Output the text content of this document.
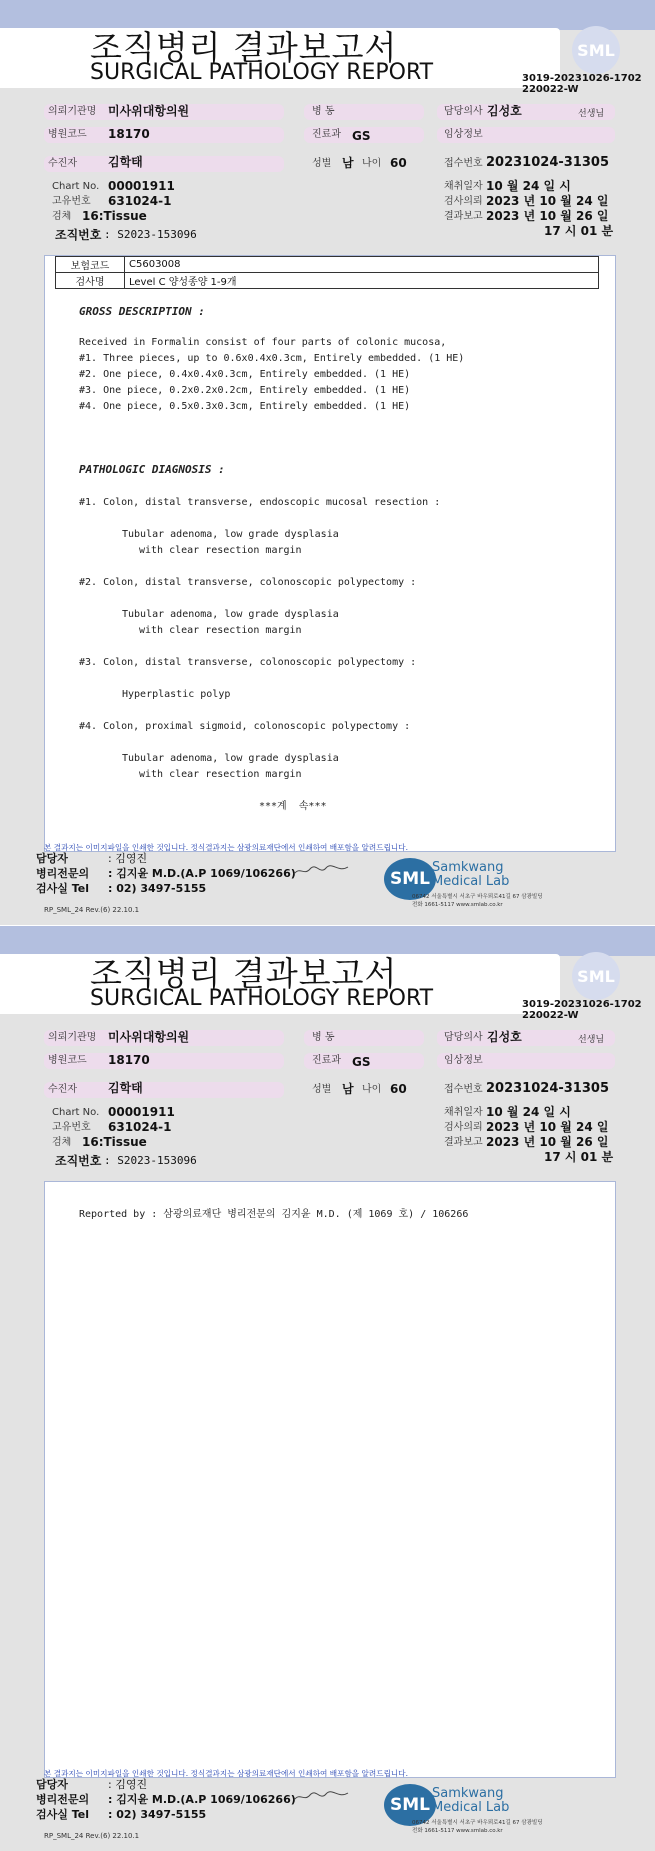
조직병리 결과보고서
SURGICAL PATHOLOGY REPORT
SML
3019-20231026-1702
220022-W
의뢰기관명 미사위대항의원	병 동	담당의사 김성호	선생님
병원코드 18170	진료과 GS	임상정보
수진자	김학태	성별 남 나이 60	접수번호 20231024-31305
Chart No. 00001911
고유번호 631024-1
검체 16:Tissue
조직번호 : S2023-153096
채취일자 10 월 24 일 시
검사의뢰 2023 년 10 월 24 일
결과보고 2023 년 10 월 26 일
17 시 01 분
보험코드	C5603008
검사명	Level C 양성종양 1-9개
GROSS DESCRIPTION :
Received in Formalin consist of four parts of colonic mucosa,
#1. Three pieces, up to 0.6x0.4x0.3cm, Entirely embedded. (1 HE)
#2. One piece, 0.4x0.4x0.3cm, Entirely embedded. (1 HE)
#3. One piece, 0.2x0.2x0.2cm, Entirely embedded. (1 HE)
#4. One piece, 0.5x0.3x0.3cm, Entirely embedded. (1 HE)
PATHOLOGIC DIAGNOSIS :
#1. Colon, distal transverse, endoscopic mucosal resection :
Tubular adenoma, low grade dysplasia
with clear resection margin
#2. Colon, distal transverse, colonoscopic polypectomy :
Tubular adenoma, low grade dysplasia
with clear resection margin
#3. Colon, distal transverse, colonoscopic polypectomy :
Hyperplastic polyp
#4. Colon, proximal sigmoid, colonoscopic polypectomy :
Tubular adenoma, low grade dysplasia
with clear resection margin
***계  속***
본 결과지는 이미지파일을 인쇄한 것입니다. 정식결과지는 삼광의료재단에서 인쇄하여 배포함을 알려드립니다.
담당자	: 김영진
병리전문의 : 김지윤 M.D.(A.P 1069/106266)
검사실 Tel : 02) 3497-5155	SML
Samkwang
Medical Lab
06742 서울특별시 서초구 바우뫼로41길 67 삼광빌딩
전화 1661-5117 www.smlab.co.kr
RP_SML_24 Rev.(6) 22.10.1
조직병리 결과보고서
SURGICAL PATHOLOGY REPORT
SML
3019-20231026-1702
220022-W
의뢰기관명 미사위대항의원	병 동	담당의사 김성호	선생님
병원코드 18170	진료과 GS	임상정보
수진자	김학태	성별 남 나이 60	접수번호 20231024-31305
Chart No. 00001911
고유번호 631024-1
검체 16:Tissue
조직번호 : S2023-153096
채취일자 10 월 24 일 시
검사의뢰 2023 년 10 월 24 일
결과보고 2023 년 10 월 26 일
17 시 01 분
Reported by : 삼광의료재단 병리전문의 김지윤 M.D. (제 1069 호) / 106266
본 결과지는 이미지파일을 인쇄한 것입니다. 정식결과지는 삼광의료재단에서 인쇄하여 배포함을 알려드립니다.
담당자	: 김영진
병리전문의 : 김지윤 M.D.(A.P 1069/106266)
검사실 Tel : 02) 3497-5155	SML
Samkwang
Medical Lab
06742 서울특별시 서초구 바우뫼로41길 67 삼광빌딩
전화 1661-5117 www.smlab.co.kr
RP_SML_24 Rev.(6) 22.10.1
